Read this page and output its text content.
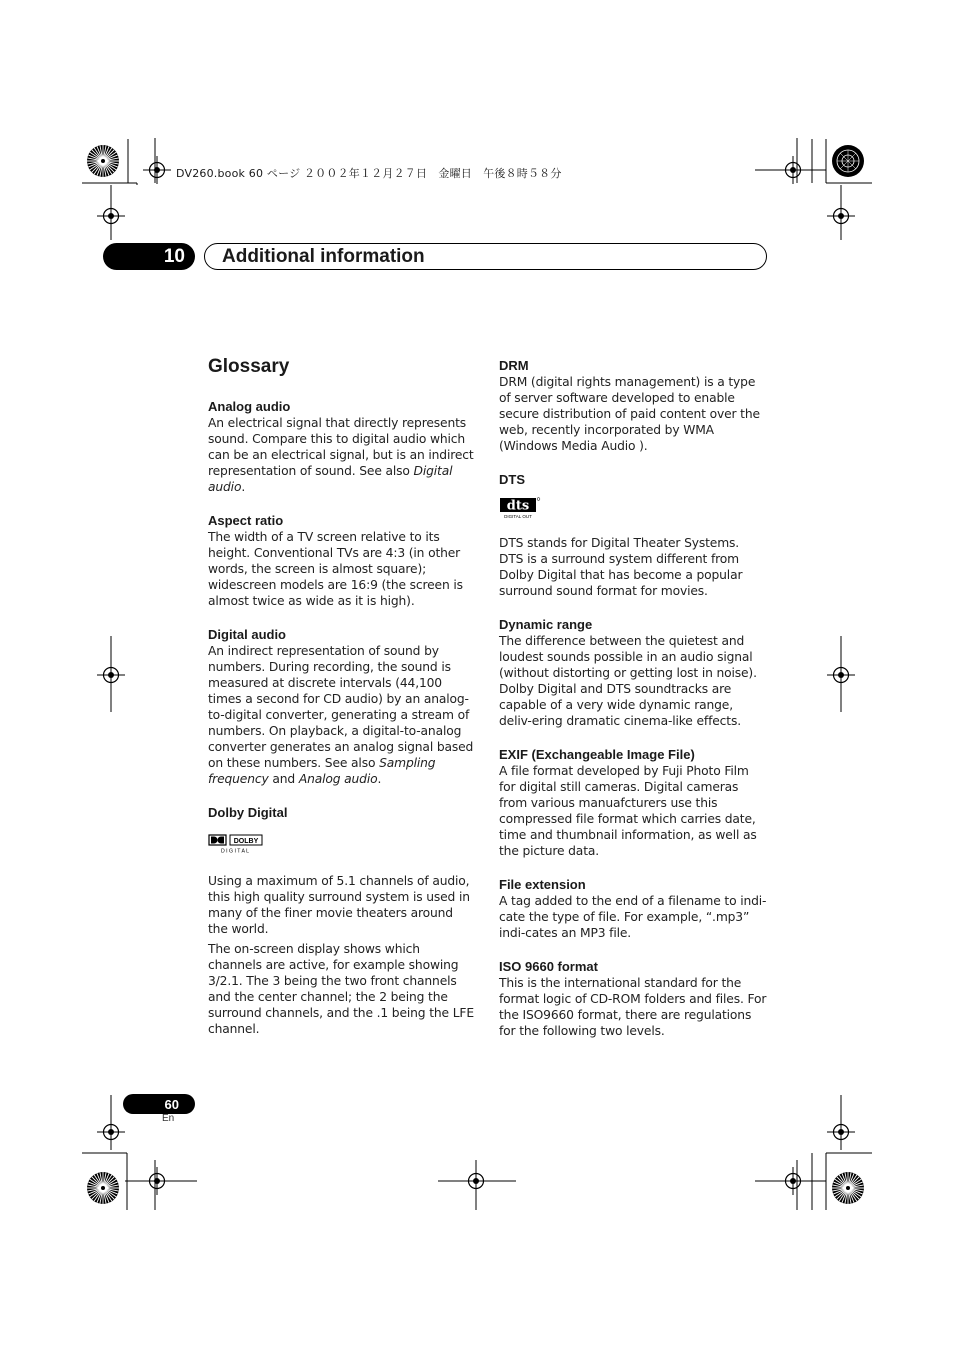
DV260.book 60 ページ ２００２年１２月２７日　金曜日　午後８時５８分
10 Additional information
Glossary

Analog audio

An electrical signal that directly represents sound. Compare this to digital audio which can be an electrical signal, but is an indirect representation of sound. See also Digital audio.

Aspect ratio

The width of a TV screen relative to its height. Conventional TVs are 4:3 (in other words, the screen is almost square); widescreen models are 16:9 (the screen is almost twice as wide as it is high).

Digital audio

An indirect representation of sound by numbers. During recording, the sound is measured at discrete intervals (44,100 times a second for CD audio) by an analog-to-digital converter, generating a stream of numbers. On playback, a digital-to-analog converter generates an analog signal based on these numbers. See also Sampling frequency and Analog audio.

Dolby Digital

DOLBY
D I G I T A L

Using a maximum of 5.1 channels of audio, this high quality surround system is used in many of the finer movie theaters around the world.

The on-screen display shows which channels are active, for example showing 3/2.1. The 3 being the two front channels and the center channel; the 2 being the surround channels, and the .1 being the LFE channel.

DRM

DRM (digital rights management) is a type of server software developed to enable secure distribution of paid content over the web, recently incorporated by WMA (Windows Media Audio ).

DTS

dts
DIGITAL OUT

DTS stands for Digital Theater Systems. DTS is a surround system different from Dolby Digital that has become a popular surround sound format for movies.

Dynamic range

The difference between the quietest and loudest sounds possible in an audio signal (without distorting or getting lost in noise). Dolby Digital and DTS soundtracks are capable of a very wide dynamic range, deliv-ering dramatic cinema-like effects.

EXIF (Exchangeable Image File)

A file format developed by Fuji Photo Film for digital still cameras. Digital cameras from various manuafcturers use this compressed file format which carries date, time and thumbnail information, as well as the picture data.

File extension

A tag added to the end of a filename to indi-cate the type of file. For example, “.mp3” indi-cates an MP3 file.

ISO 9660 format

This is the international standard for the format logic of CD-ROM folders and files. For the ISO9660 format, there are regulations for the following two levels.

60
En
